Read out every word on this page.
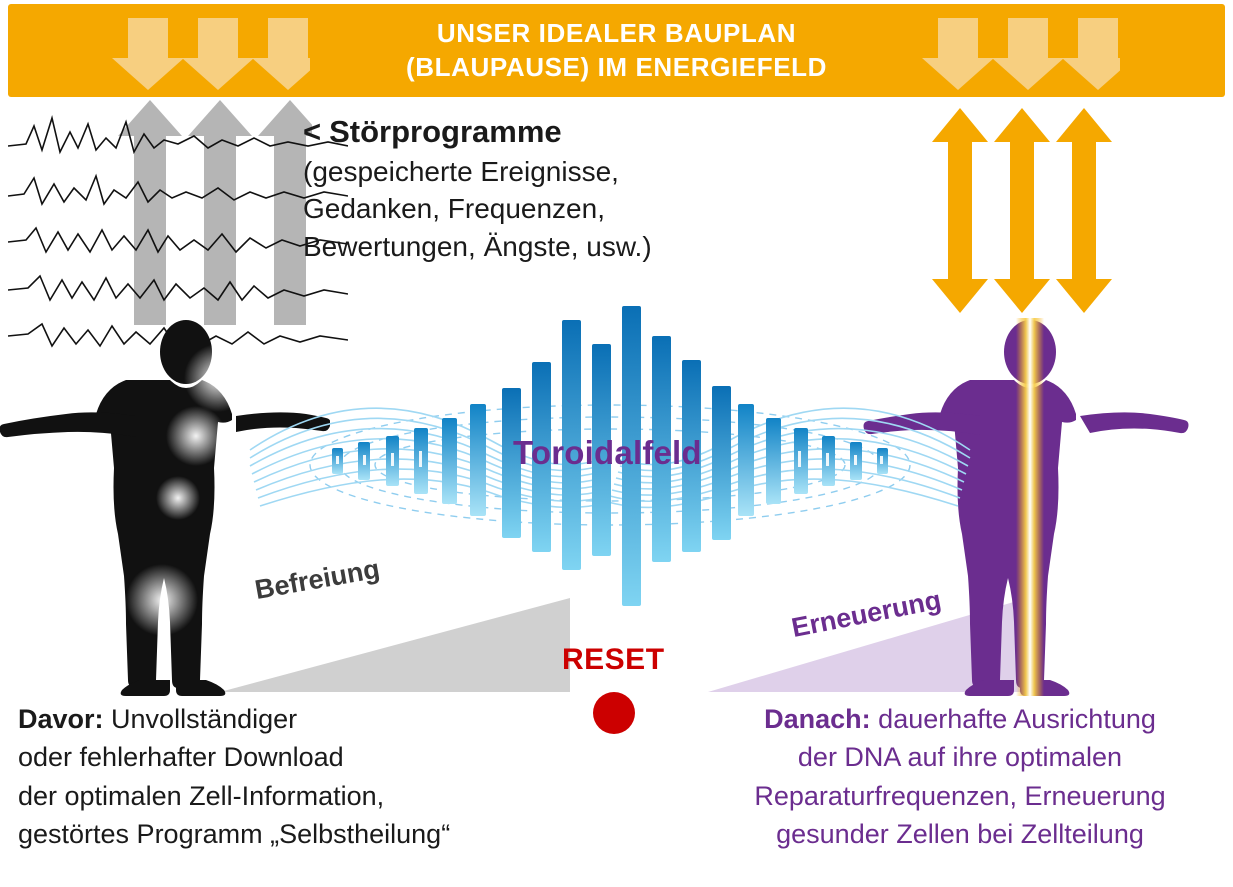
UNSER IDEALER BAUPLAN
(BLAUPAUSE) IM ENERGIEFELD
< Störprogramme
(gespeicherte Ereignisse,
Gedanken, Frequenzen,
Bewertungen, Ängste, usw.)
Toroidalfeld
RESET
Befreiung
Erneuerung
Davor: Unvollständiger
oder fehlerhafter Download
der optimalen Zell-Information,
gestörtes Programm „Selbstheilung“
Danach: dauerhafte Ausrichtung
der DNA auf ihre optimalen
Reparaturfrequenzen, Erneuerung
gesunder Zellen bei Zellteilung
